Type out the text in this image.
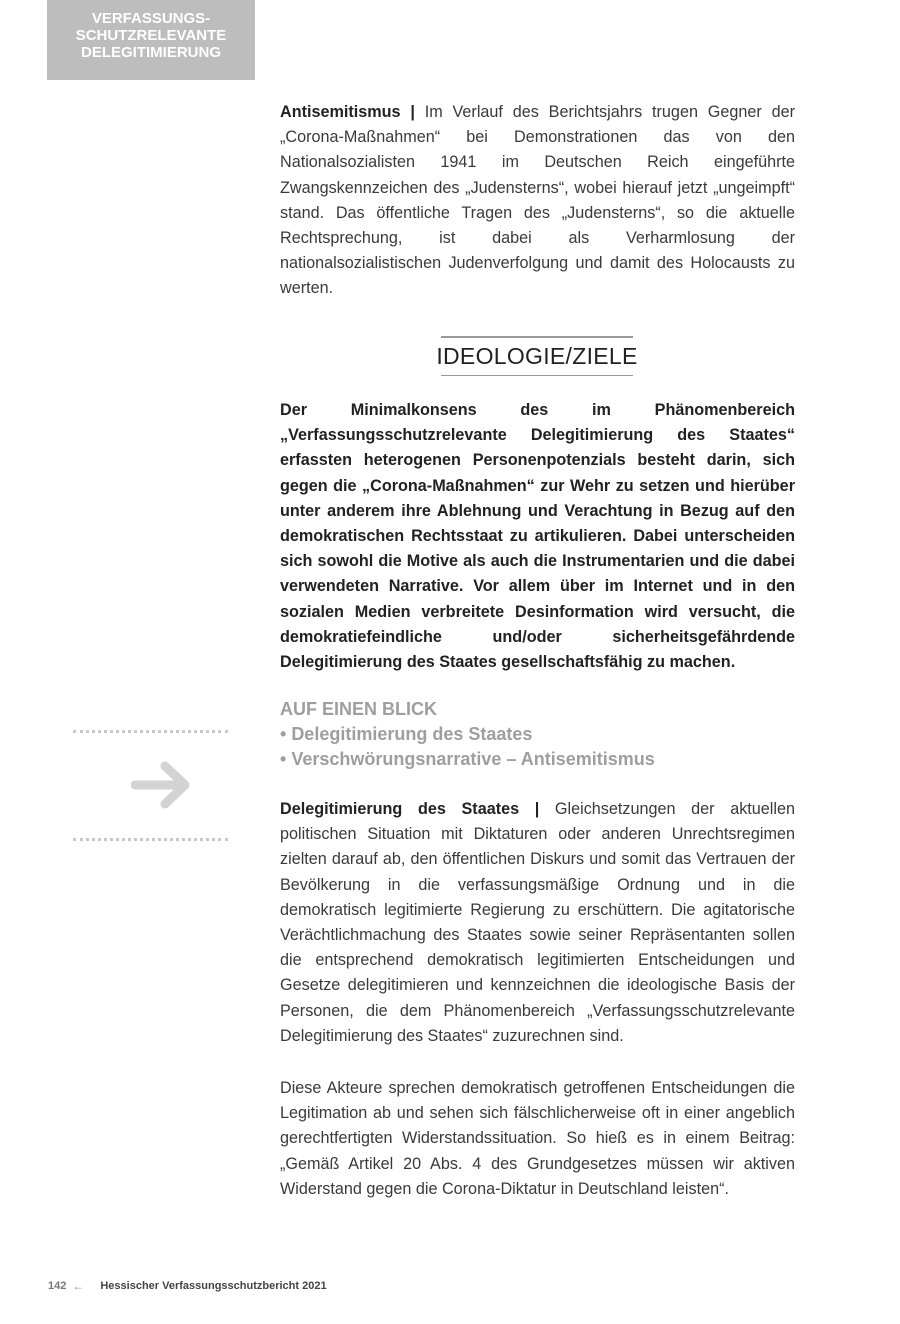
VERFASSUNGS-
SCHUTZRELEVANTE
DELEGITIMIERUNG

Antisemitismus | Im Verlauf des Berichtsjahrs trugen Gegner der „Corona-Maßnahmen“ bei Demonstrationen das von den Nationalsozialisten 1941 im Deutschen Reich eingeführte Zwangskennzeichen des „Judensterns“, wobei hierauf jetzt „ungeimpft“ stand. Das öffentliche Tragen des „Judensterns“, so die aktuelle Rechtsprechung, ist dabei als Verharmlosung der nationalsozialistischen Judenverfolgung und damit des Holocausts zu werten.

IDEOLOGIE/ZIELE

Der Minimalkonsens des im Phänomenbereich „Verfassungsschutzrelevante Delegitimierung des Staates“ erfassten heterogenen Personenpotenzials besteht darin, sich gegen die „Corona-Maßnahmen“ zur Wehr zu setzen und hierüber unter anderem ihre Ablehnung und Verachtung in Bezug auf den demokratischen Rechtsstaat zu artikulieren. Dabei unterscheiden sich sowohl die Motive als auch die Instrumentarien und die dabei verwendeten Narrative. Vor allem über im Internet und in den sozialen Medien verbreitete Desinformation wird versucht, die demokratiefeindliche und/oder sicherheitsgefährdende Delegitimierung des Staates gesellschaftsfähig zu machen.

AUF EINEN BLICK
• Delegitimierung des Staates
• Verschwörungsnarrative – Antisemitismus

Delegitimierung des Staates | Gleichsetzungen der aktuellen politischen Situation mit Diktaturen oder anderen Unrechtsregimen zielten darauf ab, den öffentlichen Diskurs und somit das Vertrauen der Bevölkerung in die verfassungsmäßige Ordnung und in die demokratisch legitimierte Regierung zu erschüttern. Die agitatorische Verächtlichmachung des Staates sowie seiner Repräsentanten sollen die entsprechend demokratisch legitimierten Entscheidungen und Gesetze delegitimieren und kennzeichnen die ideologische Basis der Personen, die dem Phänomenbereich „Verfassungsschutzrelevante Delegitimierung des Staates“ zuzurechnen sind.

Diese Akteure sprechen demokratisch getroffenen Entscheidungen die Legitimation ab und sehen sich fälschlicherweise oft in einer angeblich gerechtfertigten Widerstandssituation. So hieß es in einem Beitrag: „Gemäß Artikel 20 Abs. 4 des Grundgesetzes müssen wir aktiven Widerstand gegen die Corona-Diktatur in Deutschland leisten“.

142 ← Hessischer Verfassungsschutzbericht 2021
